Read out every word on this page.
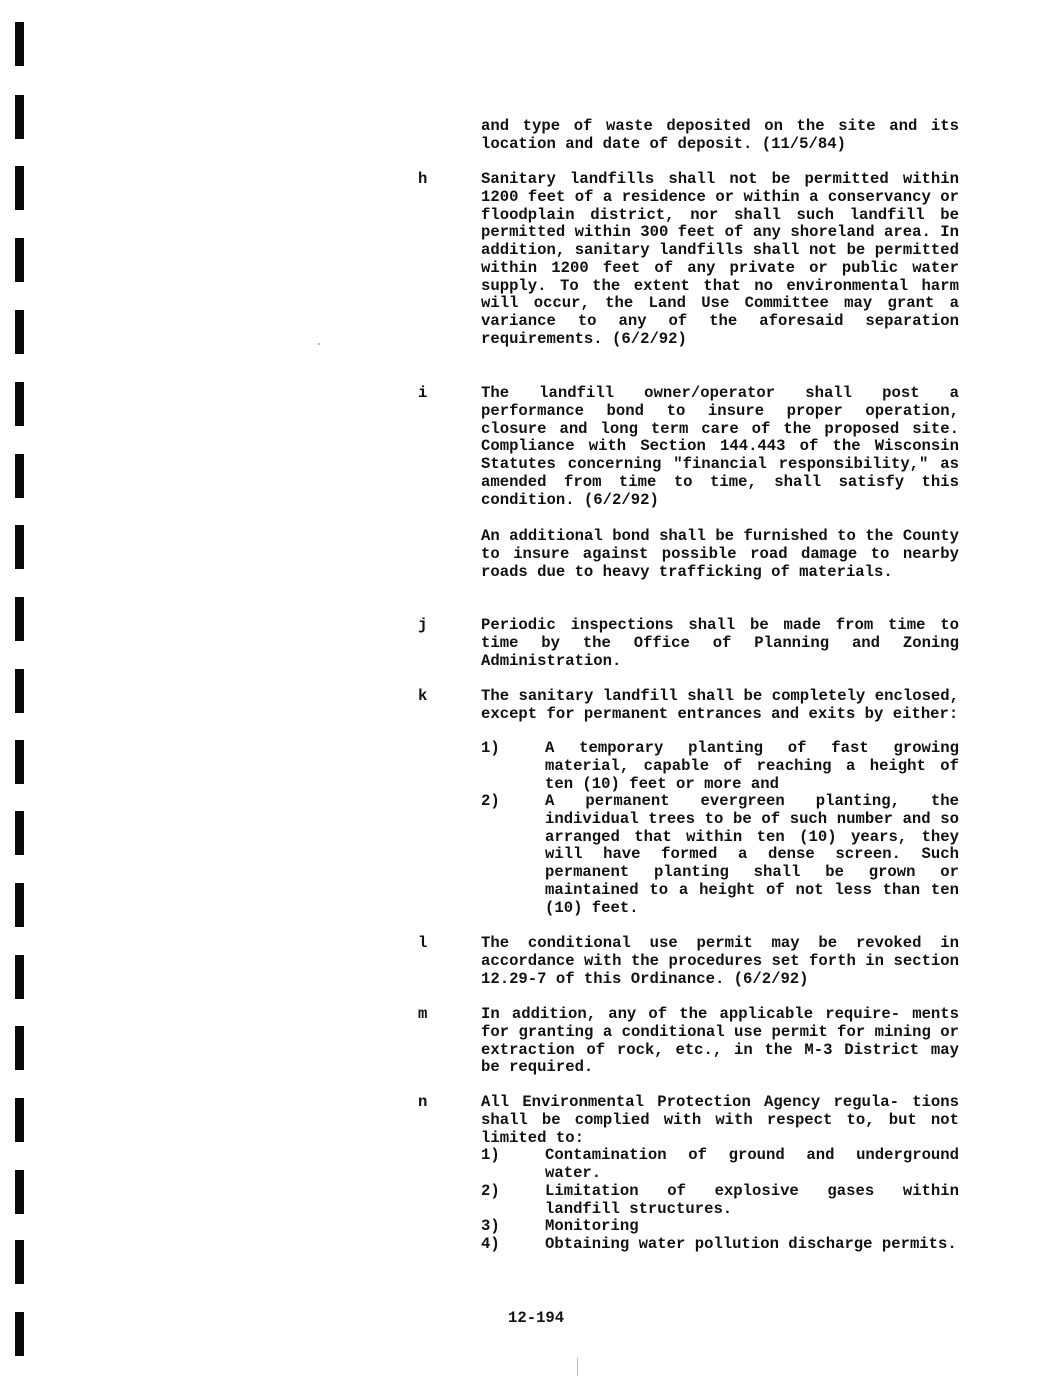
and type of waste deposited on the site and its location and date of deposit. (11/5/84)
h	Sanitary landfills shall not be permitted within 1200 feet of a residence or within a conservancy or floodplain district, nor shall such landfill be permitted within 300 feet of any shoreland area. In addition, sanitary landfills shall not be permitted within 1200 feet of any private or public water supply. To the extent that no environmental harm will occur, the Land Use Committee may grant a variance to any of the aforesaid separation requirements. (6/2/92)
i	The landfill owner/operator shall post a performance bond to insure proper operation, closure and long term care of the proposed site. Compliance with Section 144.443 of the Wisconsin Statutes concerning "financial responsibility," as amended from time to time, shall satisfy this condition. (6/2/92)
An additional bond shall be furnished to the County to insure against possible road damage to nearby roads due to heavy trafficking of materials.
j	Periodic inspections shall be made from time to time by the Office of Planning and Zoning Administration.
k	The sanitary landfill shall be completely enclosed, except for permanent entrances and exits by either:
1)	A temporary planting of fast growing material, capable of reaching a height of ten (10) feet or more and
2)	A permanent evergreen planting, the individual trees to be of such number and so arranged that within ten (10) years, they will have formed a dense screen. Such permanent planting shall be grown or maintained to a height of not less than ten (10) feet.
l	The conditional use permit may be revoked in accordance with the procedures set forth in section 12.29-7 of this Ordinance. (6/2/92)
m	In addition, any of the applicable require- ments for granting a conditional use permit for mining or extraction of rock, etc., in the M-3 District may be required.
n	All Environmental Protection Agency regula- tions shall be complied with with respect to, but not limited to:
1)	Contamination of ground and underground water.
2)	Limitation of explosive gases within landfill structures.
3)	Monitoring
4)	Obtaining water pollution discharge permits.
12-194
